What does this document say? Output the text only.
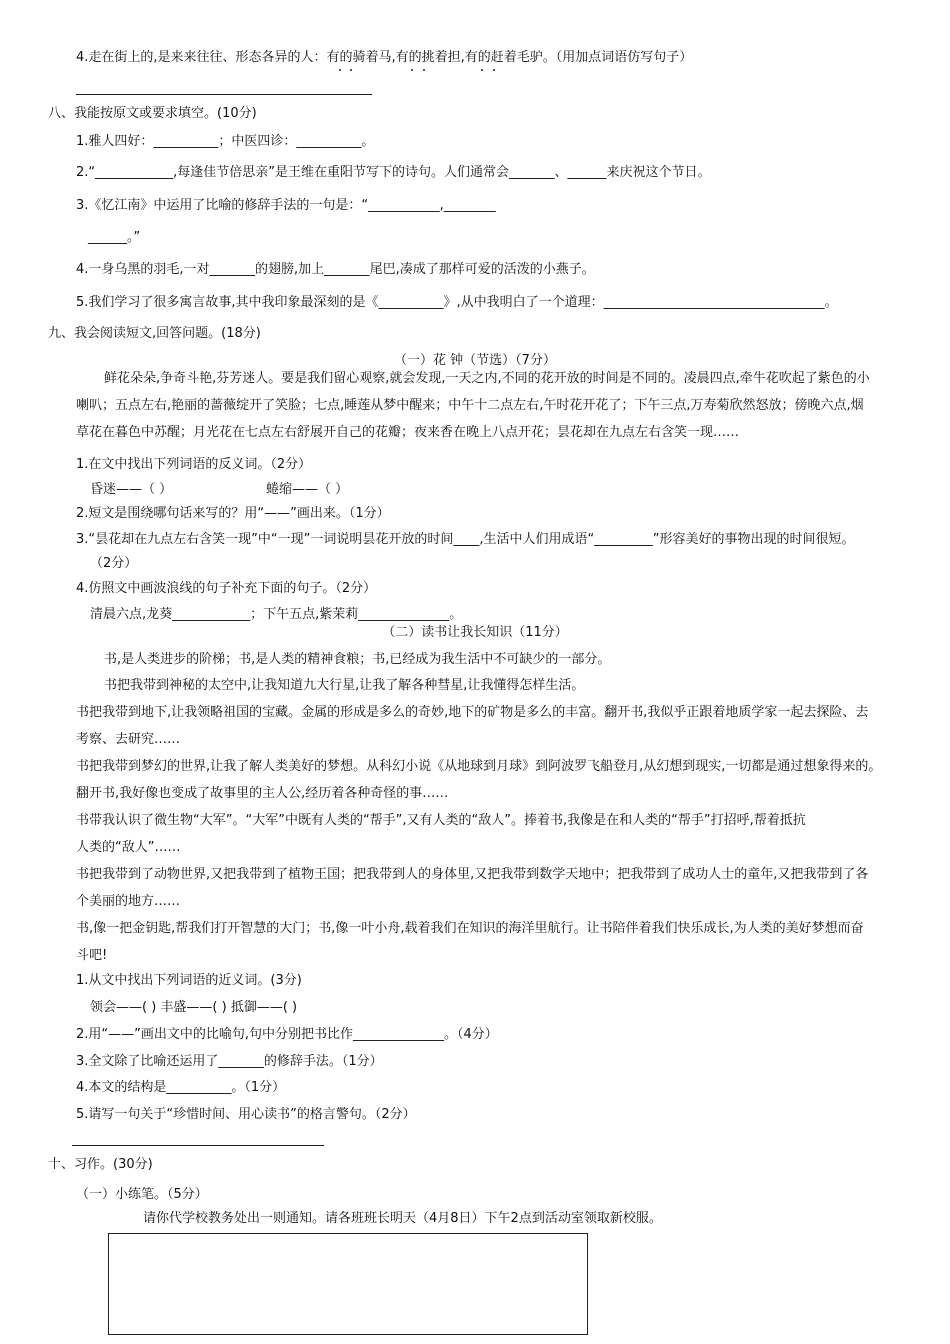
4.走在街上的,是来来往往、形态各异的人：有的骑着马,有的挑着担,有的赶着毛驴。（用加点词语仿写句子）
八、我能按原文或要求填空。(10分)
1.雅人四好：__________；中医四诊：__________。
2.“____________,每逢佳节倍思亲”是王维在重阳节写下的诗句。人们通常会_______、______来庆祝这个节日。
3.《忆江南》中运用了比喻的修辞手法的一句是：“___________,________
______。”
4.一身乌黑的羽毛,一对_______的翅膀,加上_______尾巴,凑成了那样可爱的活泼的小燕子。
5.我们学习了很多寓言故事,其中我印象最深刻的是《__________》,从中我明白了一个道理：__________________________________。
九、我会阅读短文,回答问题。(18分)
（一）花 钟（节选）（7分）
鲜花朵朵,争奇斗艳,芬芳迷人。要是我们留心观察,就会发现,一天之内,不同的花开放的时间是不同的。凌晨四点,牵牛花吹起了紫色的小
喇叭；五点左右,艳丽的蔷薇绽开了笑脸；七点,睡莲从梦中醒来；中午十二点左右,午时花开花了；下午三点,万寿菊欣然怒放；傍晚六点,烟
草花在暮色中苏醒；月光花在七点左右舒展开自己的花瓣；夜来香在晚上八点开花；昙花却在九点左右含笑一现……
1.在文中找出下列词语的反义词。（2分）
昏迷——（ ）	蜷缩——（ ）
2.短文是围绕哪句话来写的？用“——”画出来。（1分）
3.“昙花却在九点左右含笑一现”中“一现”一词说明昙花开放的时间____,生活中人们用成语“_________”形容美好的事物出现的时间很短。
（2分）
4.仿照文中画波浪线的句子补充下面的句子。（2分）
清晨六点,龙葵____________；下午五点,紫茉莉______________。
（二）读书让我长知识（11分）
书,是人类进步的阶梯；书,是人类的精神食粮；书,已经成为我生活中不可缺少的一部分。
书把我带到神秘的太空中,让我知道九大行星,让我了解各种彗星,让我懂得怎样生活。
书把我带到地下,让我领略祖国的宝藏。金属的形成是多么的奇妙,地下的矿物是多么的丰富。翻开书,我似乎正跟着地质学家一起去探险、去
考察、去研究……
书把我带到梦幻的世界,让我了解人类美好的梦想。从科幻小说《从地球到月球》到阿波罗飞船登月,从幻想到现实,一切都是通过想象得来的。
翻开书,我好像也变成了故事里的主人公,经历着各种奇怪的事……
书带我认识了微生物“大军”。“大军”中既有人类的“帮手”,又有人类的“敌人”。捧着书,我像是在和人类的“帮手”打招呼,帮着抵抗
人类的“敌人”……
书把我带到了动物世界,又把我带到了植物王国；把我带到人的身体里,又把我带到数学天地中；把我带到了成功人士的童年,又把我带到了各
个美丽的地方……
书,像一把金钥匙,帮我们打开智慧的大门；书,像一叶小舟,载着我们在知识的海洋里航行。让书陪伴着我们快乐成长,为人类的美好梦想而奋
斗吧!
1.从文中找出下列词语的近义词。(3分)
领会——( ) 丰盛——( ) 抵御——( )
2.用“——”画出文中的比喻句,句中分别把书比作______________。（4分）
3.全文除了比喻还运用了_______的修辞手法。（1分）
4.本文的结构是__________。（1分）
5.请写一句关于“珍惜时间、用心读书”的格言警句。（2分）
十、习作。(30分)
（一）小练笔。（5分）
请你代学校教务处出一则通知。请各班班长明天（4月8日）下午2点到活动室领取新校服。
